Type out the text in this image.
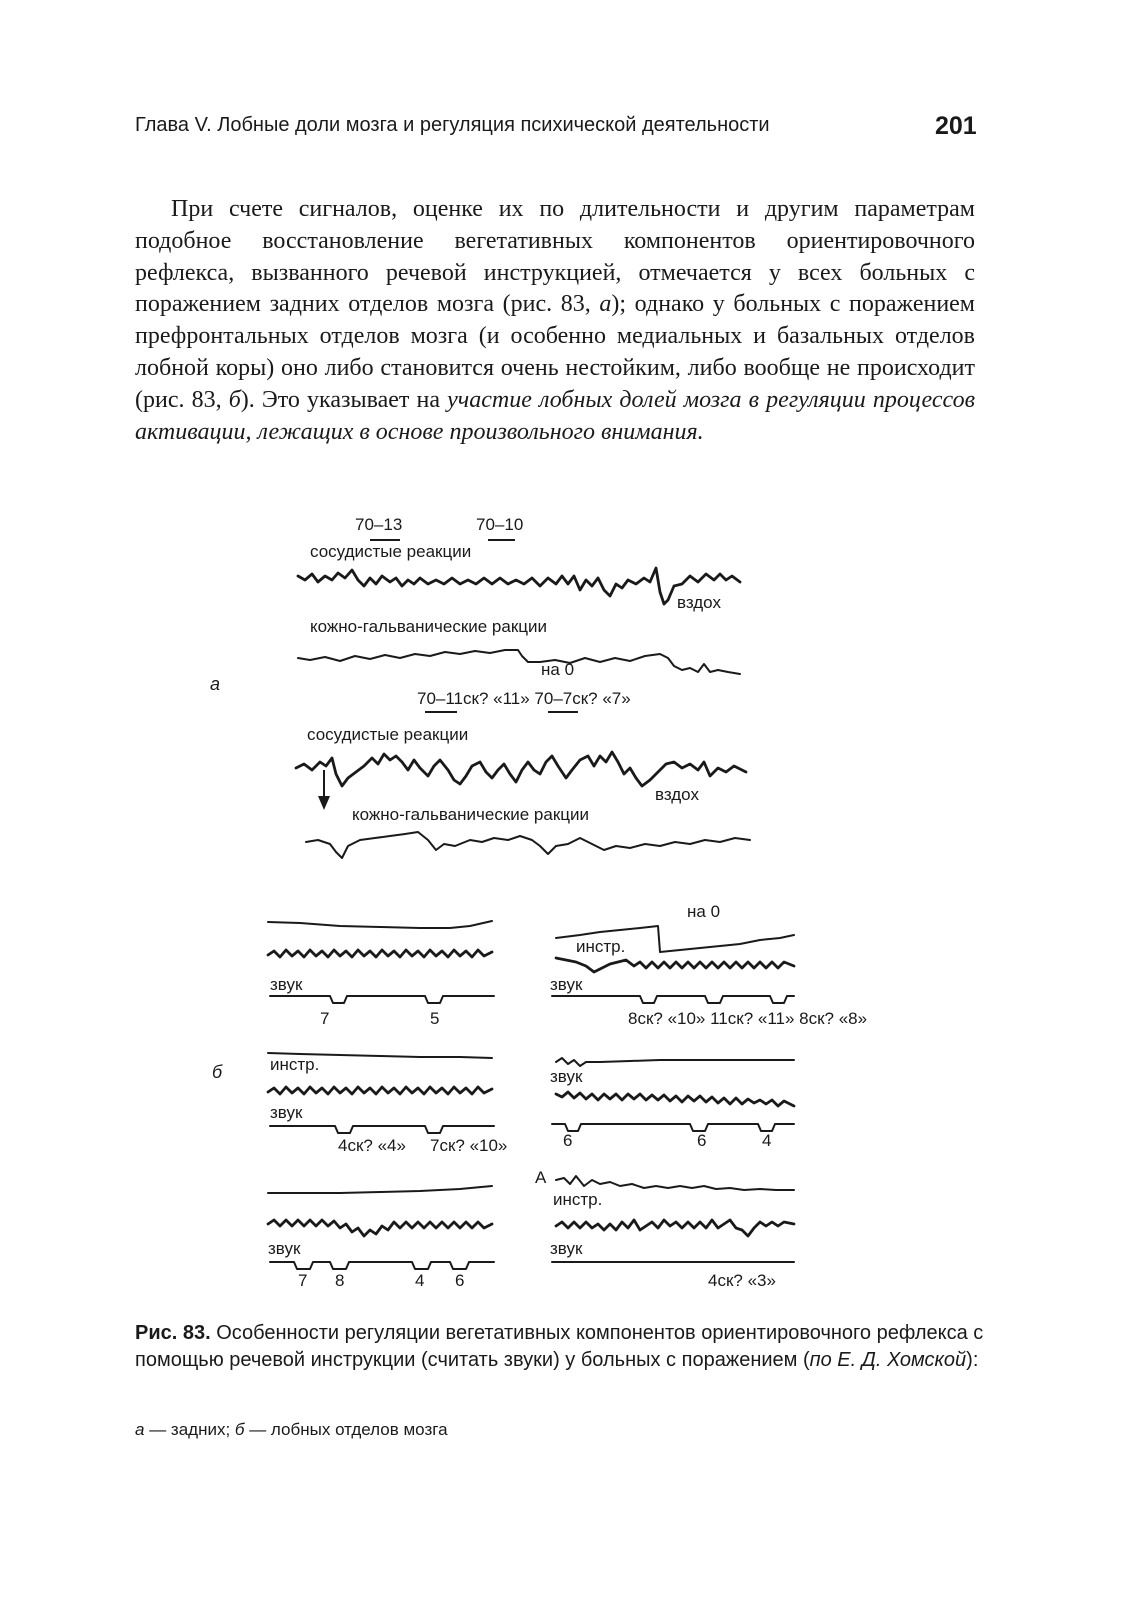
Глава V. Лобные доли мозга и регуляция психической деятельности	201

При счете сигналов, оценке их по длительности и другим параметрам подобное восстановление вегетативных компонентов ориентировочного рефлекса, вызванного речевой инструкцией, отмечается у всех больных с поражением задних отделов мозга (рис. 83, а); однако у больных с поражением префронтальных отделов мозга (и особенно медиальных и базальных отделов лобной коры) оно либо становится очень нестойким, либо вообще не происходит (рис. 83, б). Это указывает на участие лобных долей мозга в регуляции процессов активации, лежащих в основе произвольного внимания.

а
70–13	70–10
сосудистые реакции
вздох
кожно-гальванические ракции
на 0
70–11ск? «11» 70–7ск? «7»
сосудистые реакции
вздох
кожно-гальванические ракции
б
звук
7	5
на 0
инстр.
звук
8ск? «10» 11ск? «11» 8ск? «8»
инстр.
звук
4ск? «4» 7ск? «10»
звук
6	6	4
звук
7 8	4 6
А
инстр.
звук
4ск? «3»
Рис. 83. Особенности регуляции вегетативных компонентов ориентировочного рефлекса с помощью речевой инструкции (считать звуки) у больных с поражением (по Е. Д. Хомской):
а — задних; б — лобных отделов мозга
